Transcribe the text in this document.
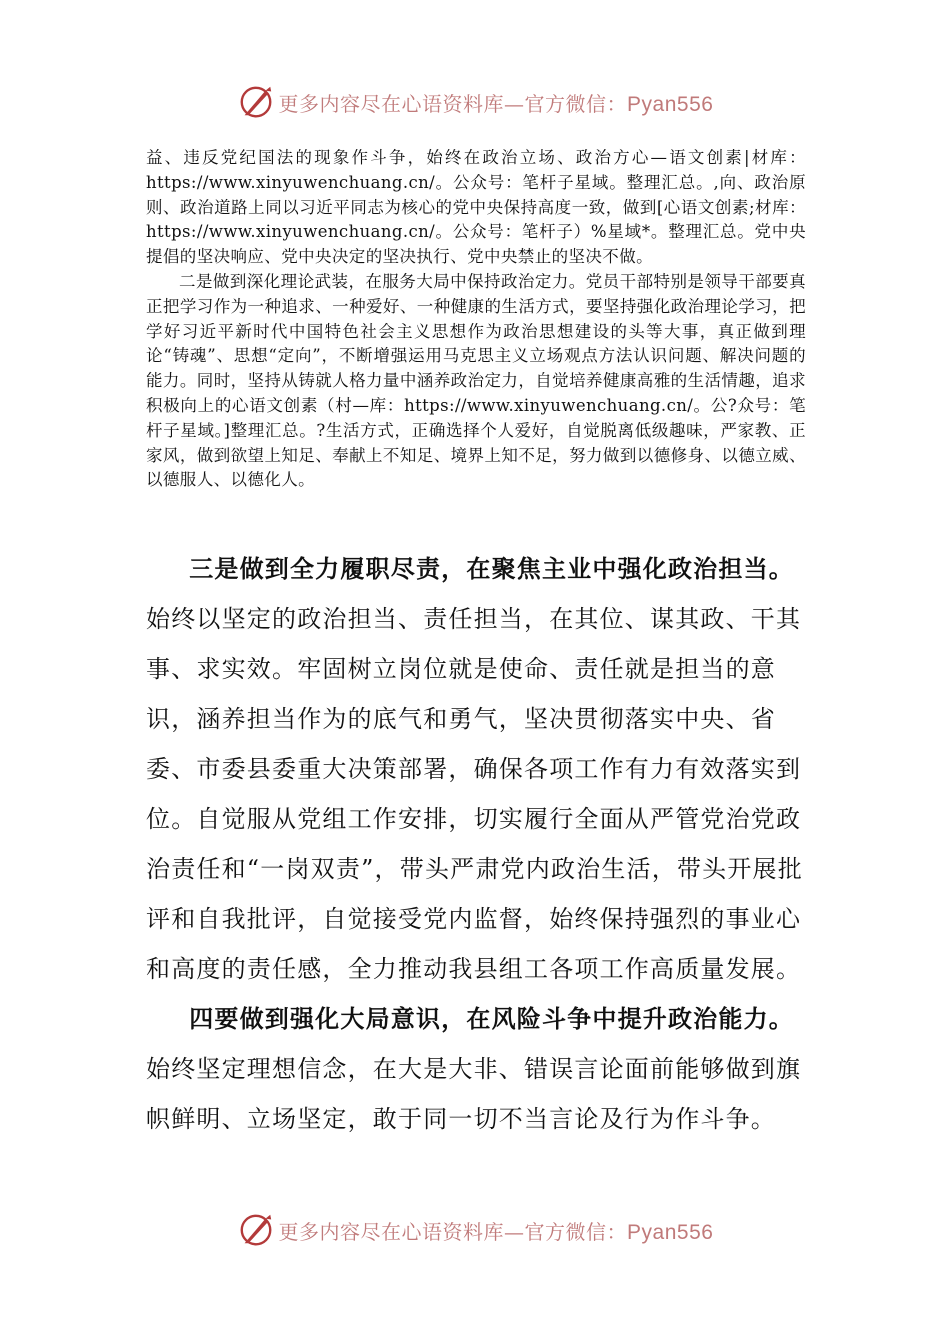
更多内容尽在心语资料库—官方微信：Pyan556

益、违反党纪国法的现象作斗争，始终在政治立场、政治方心—语文创素|材库：https://www.xinyuwenchuang.cn/。公众号：笔杆子星域。整理汇总。,向、政治原则、政治道路上同以习近平同志为核心的党中央保持高度一致，做到[心语文创素;材库：https://www.xinyuwenchuang.cn/。公众号：笔杆子）%星域*。整理汇总。党中央提倡的坚决响应、党中央决定的坚决执行、党中央禁止的坚决不做。

二是做到深化理论武装，在服务大局中保持政治定力。党员干部特别是领导干部要真正把学习作为一种追求、一种爱好、一种健康的生活方式，要坚持强化政治理论学习，把学好习近平新时代中国特色社会主义思想作为政治思想建设的头等大事，真正做到理论“铸魂”、思想“定向”，不断增强运用马克思主义立场观点方法认识问题、解决问题的能力。同时，坚持从铸就人格力量中涵养政治定力，自觉培养健康高雅的生活情趣，追求积极向上的心语文创素（村—库：https://www.xinyuwenchuang.cn/。公?众号：笔杆子星域。]整理汇总。?生活方式，正确选择个人爱好，自觉脱离低级趣味，严家教、正家风，做到欲望上知足、奉献上不知足、境界上知不足，努力做到以德修身、以德立威、以德服人、以德化人。

三是做到全力履职尽责，在聚焦主业中强化政治担当。

始终以坚定的政治担当、责任担当，在其位、谋其政、干其事、求实效。牢固树立岗位就是使命、责任就是担当的意识，涵养担当作为的底气和勇气，坚决贯彻落实中央、省委、市委县委重大决策部署，确保各项工作有力有效落实到位。自觉服从党组工作安排，切实履行全面从严管党治党政治责任和“一岗双责”，带头严肃党内政治生活，带头开展批评和自我批评，自觉接受党内监督，始终保持强烈的事业心和高度的责任感，全力推动我县组工各项工作高质量发展。

四要做到强化大局意识，在风险斗争中提升政治能力。

始终坚定理想信念，在大是大非、错误言论面前能够做到旗帜鲜明、立场坚定，敢于同一切不当言论及行为作斗争。

更多内容尽在心语资料库—官方微信：Pyan556
